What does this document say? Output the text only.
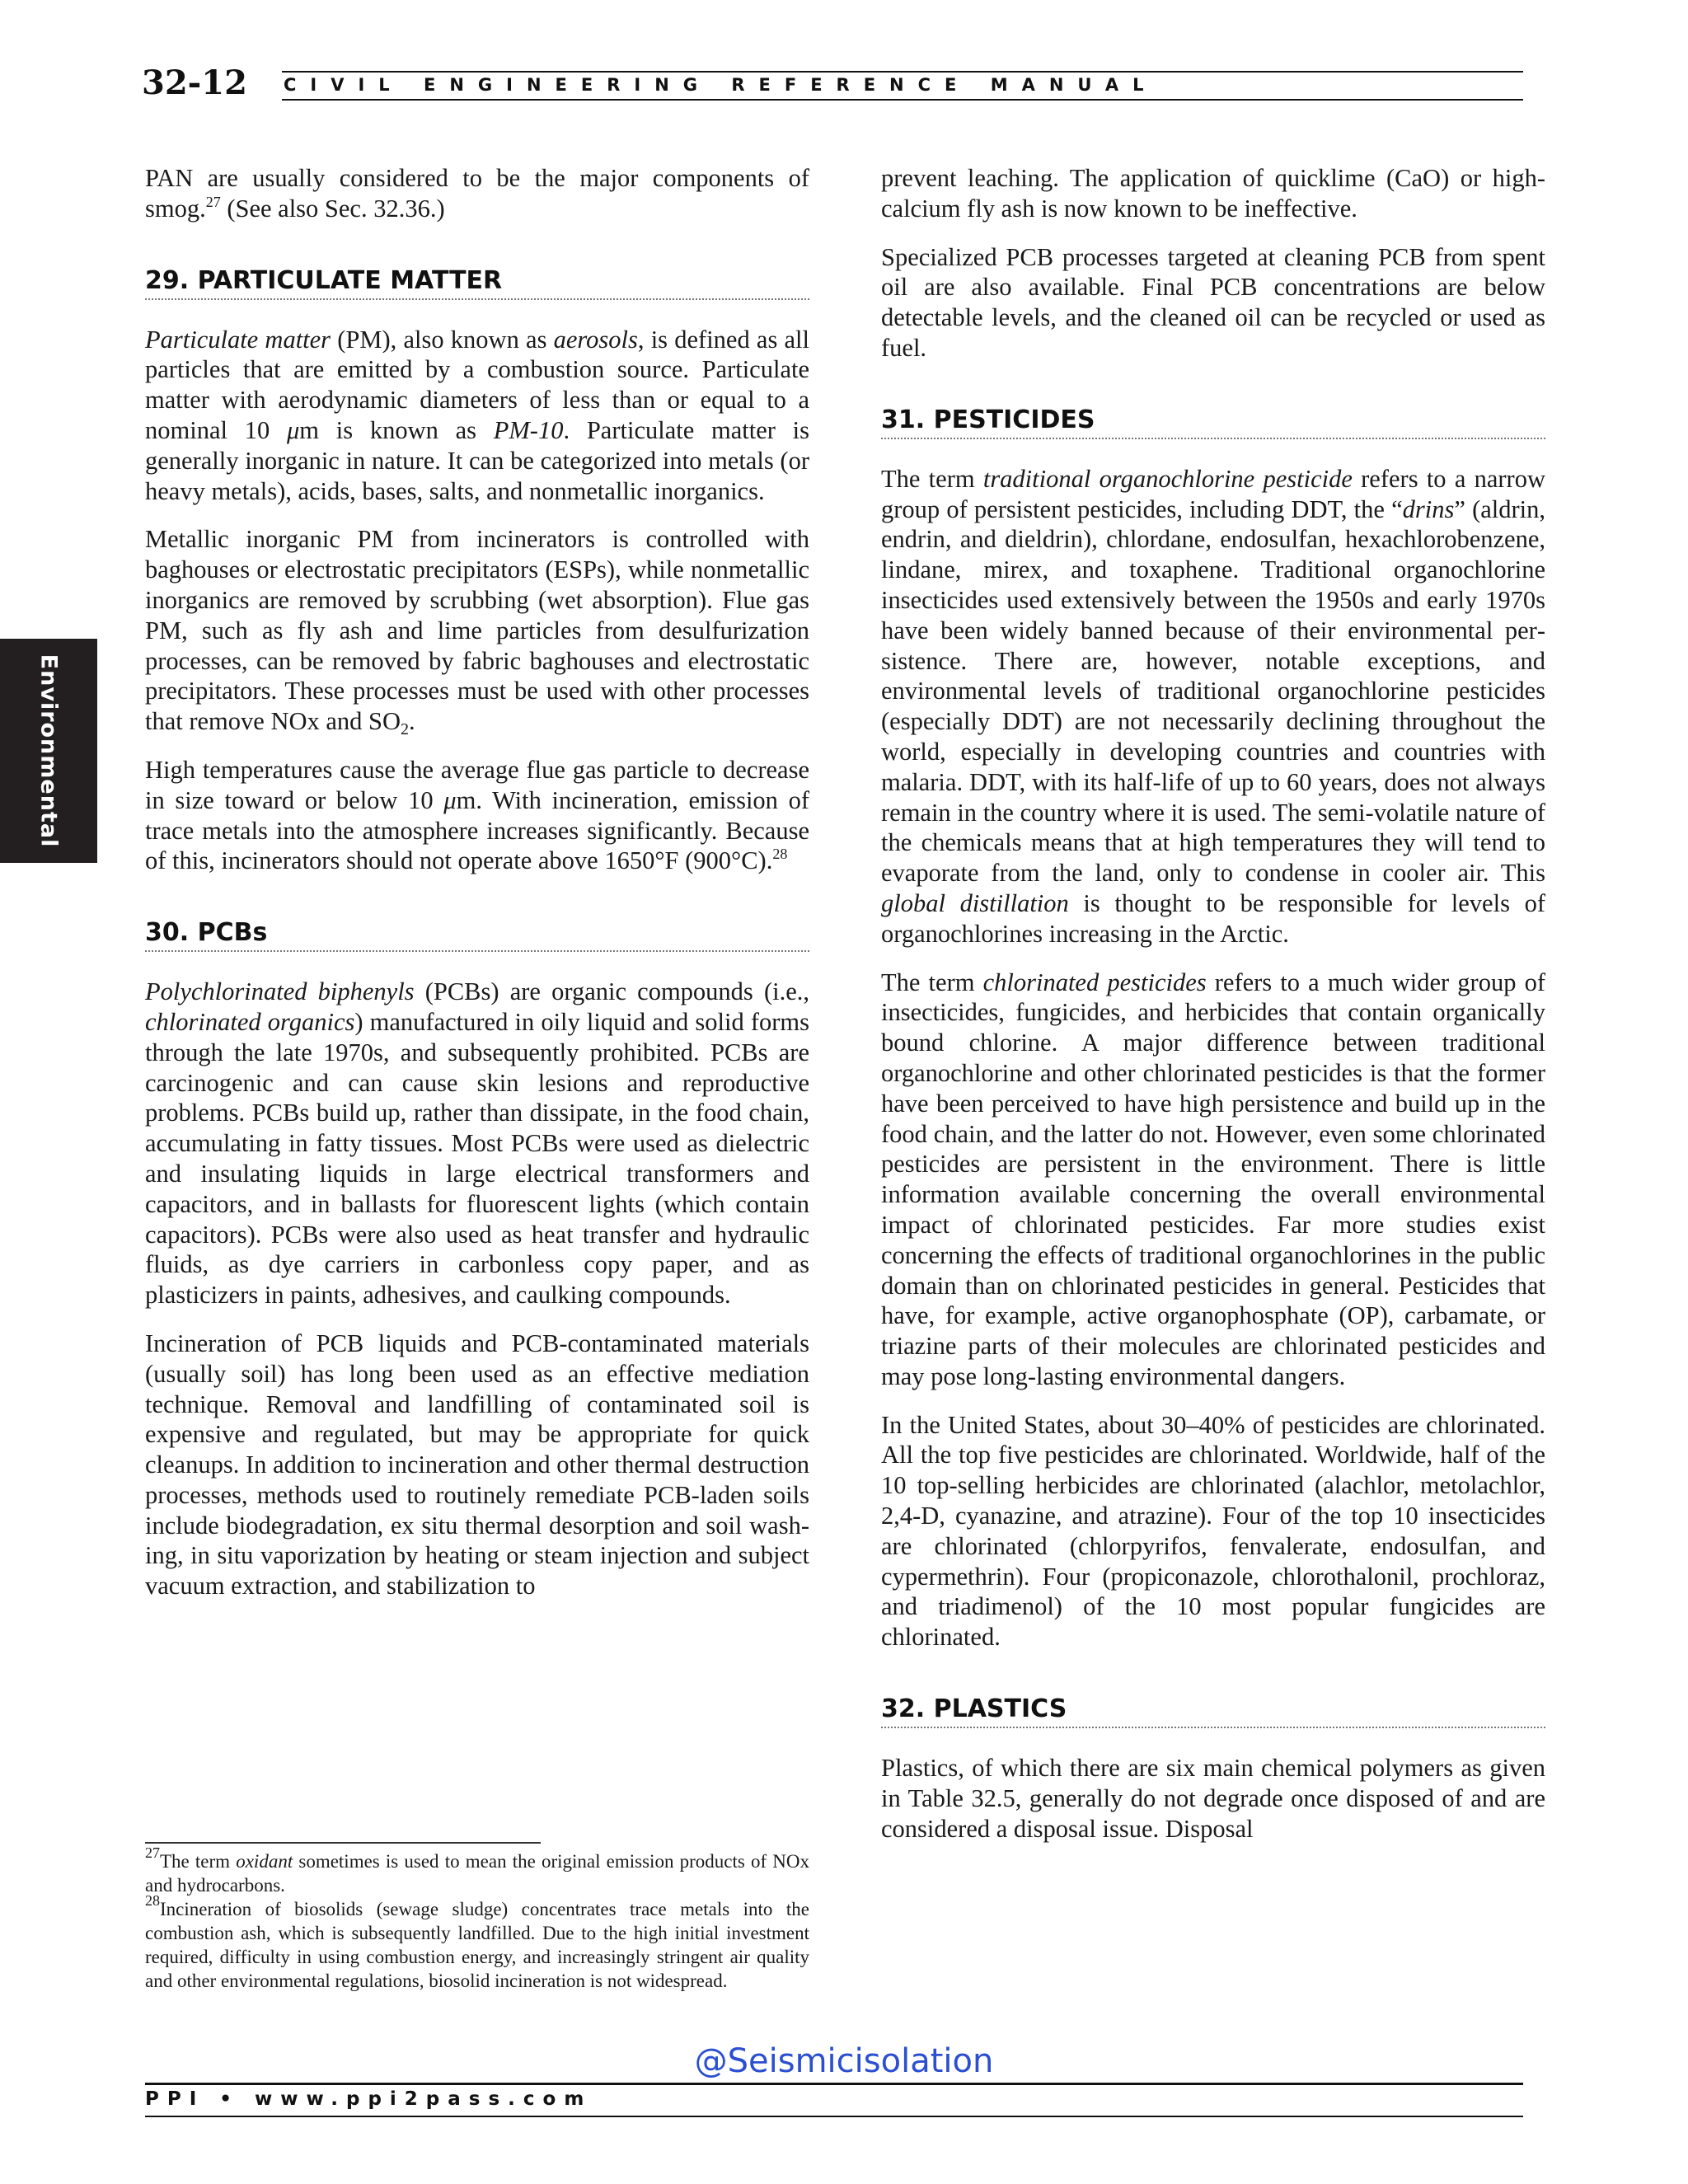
32-12 CIVIL ENGINEERING REFERENCE MANUAL
Environmental

PAN are usually considered to be the major components of smog.$^{27}$ (See also Sec. 32.36.)

29. PARTICULATE MATTER

Particulate matter (PM), also known as aerosols, is defined as all particles that are emitted by a combustion source. Particulate matter with aerodynamic diameters of less than or equal to a nominal 10 μm is known as PM-10. Particulate matter is generally inorganic in nature. It can be categorized into metals (or heavy metals), acids, bases, salts, and nonmetallic inorganics.

Metallic inorganic PM from incinerators is controlled with baghouses or electrostatic precipitators (ESPs), while nonmetallic inorganics are removed by scrubbing (wet absorption). Flue gas PM, such as fly ash and lime particles from desulfurization processes, can be removed by fabric baghouses and electrostatic precipitators. These processes must be used with other processes that remove NOx and $SO_2$.

High temperatures cause the average flue gas particle to decrease in size toward or below 10 μm. With incineration, emission of trace metals into the atmosphere increases significantly. Because of this, incinerators should not operate above 1650°F (900°C).$^{28}$

30. PCBs

Polychlorinated biphenyls (PCBs) are organic compounds (i.e., chlorinated organics) manufactured in oily liquid and solid forms through the late 1970s, and subsequently prohibited. PCBs are carcinogenic and can cause skin lesions and reproductive problems. PCBs build up, rather than dissipate, in the food chain, accumulating in fatty tissues. Most PCBs were used as dielectric and insulating liquids in large electrical transformers and capacitors, and in ballasts for fluorescent lights (which contain capacitors). PCBs were also used as heat transfer and hydraulic fluids, as dye carriers in carbonless copy paper, and as plasticizers in paints, adhesives, and caulking compounds.

Incineration of PCB liquids and PCB-contaminated materials (usually soil) has long been used as an effective mediation technique. Removal and landfilling of contaminated soil is expensive and regulated, but may be appropriate for quick cleanups. In addition to incineration and other thermal destruction processes, methods used to routinely remediate PCB-laden soils include biodegradation, ex situ thermal desorption and soil washing, in situ vaporization by heating or steam injection and subject vacuum extraction, and stabilization to

prevent leaching. The application of quicklime (CaO) or high-calcium fly ash is now known to be ineffective.

Specialized PCB processes targeted at cleaning PCB from spent oil are also available. Final PCB concentrations are below detectable levels, and the cleaned oil can be recycled or used as fuel.

31. PESTICIDES

The term traditional organochlorine pesticide refers to a narrow group of persistent pesticides, including DDT, the “drins” (aldrin, endrin, and dieldrin), chlordane, endosulfan, hexachlorobenzene, lindane, mirex, and toxaphene. Traditional organochlorine insecticides used extensively between the 1950s and early 1970s have been widely banned because of their environmental persistence. There are, however, notable exceptions, and environmental levels of traditional organochlorine pesticides (especially DDT) are not necessarily declining throughout the world, especially in developing countries and countries with malaria. DDT, with its half-life of up to 60 years, does not always remain in the country where it is used. The semi-volatile nature of the chemicals means that at high temperatures they will tend to evaporate from the land, only to condense in cooler air. This global distillation is thought to be responsible for levels of organochlorines increasing in the Arctic.

The term chlorinated pesticides refers to a much wider group of insecticides, fungicides, and herbicides that contain organically bound chlorine. A major difference between traditional organochlorine and other chlorinated pesticides is that the former have been perceived to have high persistence and build up in the food chain, and the latter do not. However, even some chlorinated pesticides are persistent in the environment. There is little information available concerning the overall environmental impact of chlorinated pesticides. Far more studies exist concerning the effects of traditional organochlorines in the public domain than on chlorinated pesticides in general. Pesticides that have, for example, active organophosphate (OP), carbamate, or triazine parts of their molecules are chlorinated pesticides and may pose long-lasting environmental dangers.

In the United States, about 30–40% of pesticides are chlorinated. All the top five pesticides are chlorinated. Worldwide, half of the 10 top-selling herbicides are chlorinated (alachlor, metolachlor, 2,4-D, cyanazine, and atrazine). Four of the top 10 insecticides are chlorinated (chlorpyrifos, fenvalerate, endosulfan, and cypermethrin). Four (propiconazole, chlorothalonil, prochloraz, and triadimenol) of the 10 most popular fungicides are chlorinated.

32. PLASTICS

Plastics, of which there are six main chemical polymers as given in Table 32.5, generally do not degrade once disposed of and are considered a disposal issue. Disposal

$^{27}$The term oxidant sometimes is used to mean the original emission products of NOx and hydrocarbons.

$^{28}$Incineration of biosolids (sewage sludge) concentrates trace metals into the combustion ash, which is subsequently landfilled. Due to the high initial investment required, difficulty in using combustion energy, and increasingly stringent air quality and other environmental regulations, biosolid incineration is not widespread.

@Seismicisolation
PPI • www.ppi2pass.com
